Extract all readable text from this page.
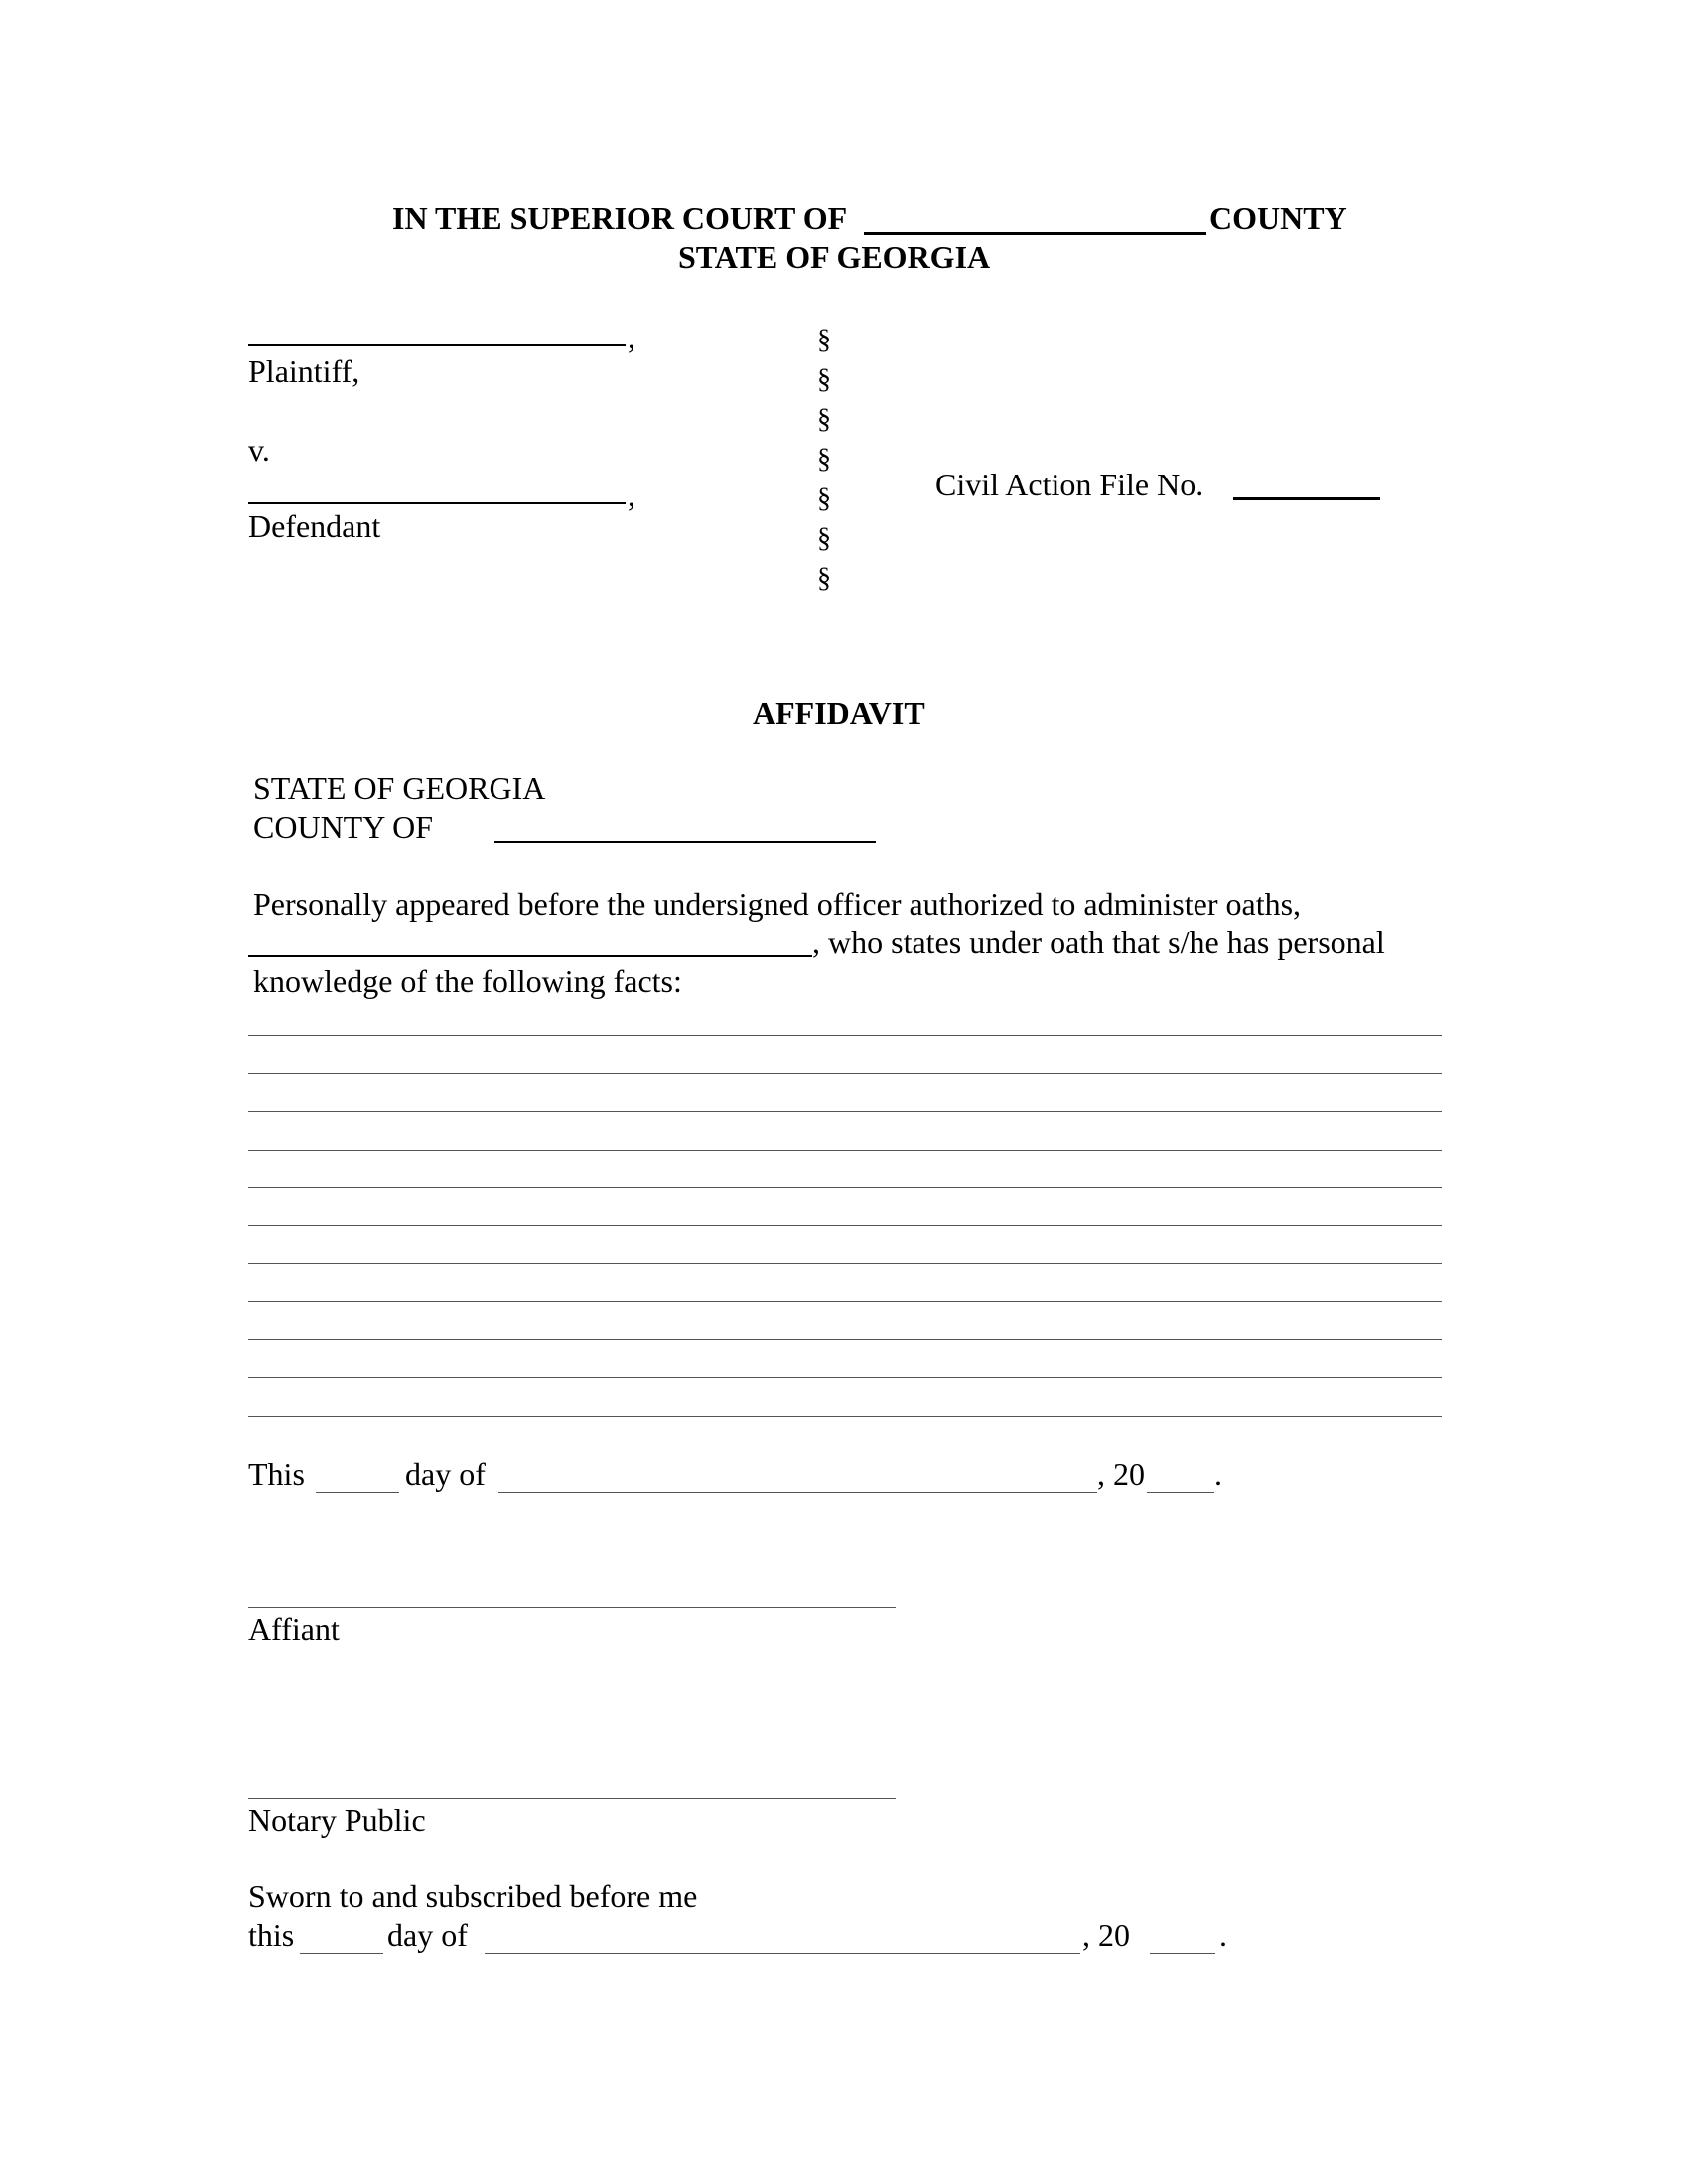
IN THE SUPERIOR COURT OF	COUNTY
STATE OF GEORGIA
,
Plaintiff,
v.
,
Defendant
§
§
§
§
§
§
§
Civil Action File No.
AFFIDAVIT
STATE OF GEORGIA
COUNTY OF
Personally appeared before the undersigned officer authorized to administer oaths,
, who states under oath that s/he has personal
knowledge of the following facts:
This	day of	, 20 .
Affiant
Notary Public
Sworn to and subscribed before me
this	day of	, 20	.
